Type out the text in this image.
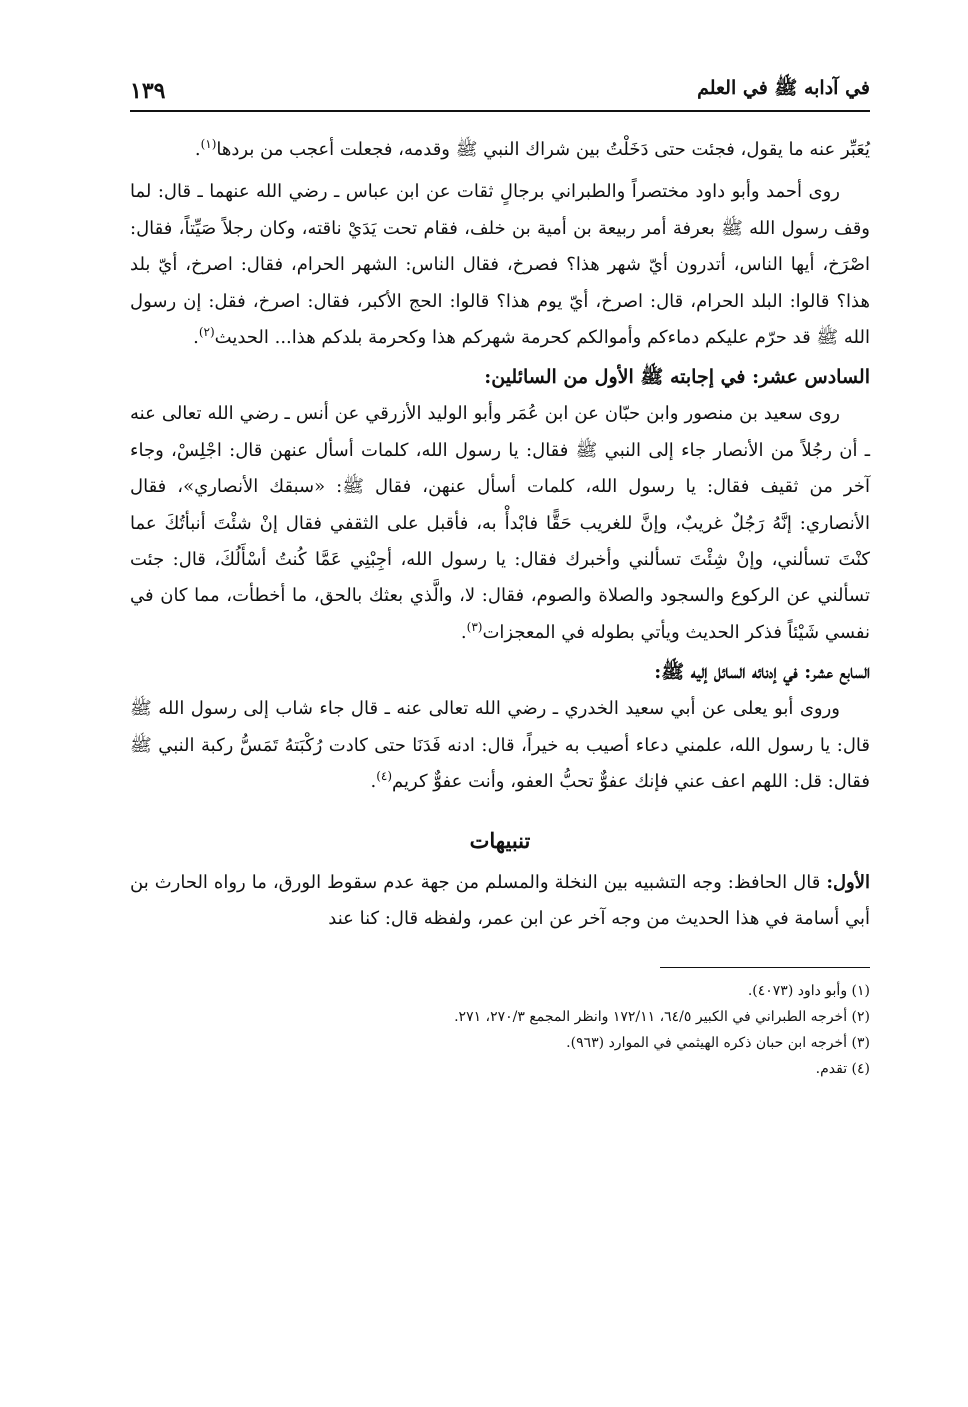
في آدابه ﷺ في العلم
١٣٩

يُعَبِّر عنه ما يقول، فجئت حتى دَخَلْتُ بين شراك النبي ﷺ وقدمه، فجعلت أعجب من بردها$^{(١)}$.

روى أحمد وأبو داود مختصراً والطبراني برجالٍ ثقات عن ابن عباس ـ رضي الله عنهما ـ قال: لما وقف رسول الله ﷺ بعرفة أمر ربيعة بن أمية بن خلف، فقام تحت يَدَيْ ناقته، وكان رجلاً صَيِّتاً، فقال: اصْرَخ، أيها الناس، أتدرون أيّ شهر هذا؟ فصرخ، فقال الناس: الشهر الحرام، فقال: اصرخ، أيّ بلد هذا؟ قالوا: البلد الحرام، قال: اصرخ، أيّ يوم هذا؟ قالوا: الحج الأكبر، فقال: اصرخ، فقل: إن رسول الله ﷺ قد حرّم عليكم دماءكم وأموالكم كحرمة شهركم هذا وكحرمة بلدكم هذا... الحديث$^{(٢)}$.

السادس عشر: في إجابته ﷺ الأول من السائلين:

روى سعيد بن منصور وابن حبّان عن ابن عُمَر وأبو الوليد الأزرقي عن أنس ـ رضي الله تعالى عنه ـ أن رجُلاً من الأنصار جاء إلى النبي ﷺ فقال: يا رسول الله، كلمات أسأل عنهن قال: اجْلِسْ، وجاء آخر من ثقيف فقال: يا رسول الله، كلمات أسأل عنهن، فقال ﷺ: «سبقك الأنصاري»، فقال الأنصاري: إنَّهُ رَجُلٌ غريبٌ، وإنَّ للغريب حَقًّا فابْدأْ به، فأقبل على الثقفي فقال إنْ شئْتَ أنبأتُكَ عما كنْتَ تسألني، وإنْ شِئْتَ تسألني وأخبرك فقال: يا رسول الله، أجِبْنِي عَمَّا كُنتُ أسْأَلُكَ، قال: جئت تسألني عن الركوع والسجود والصلاة والصوم، فقال: لا، والَّذي بعثك بالحق، ما أخطأت، مما كان في نفسي شَيْئاً فذكر الحديث ويأتي بطوله في المعجزات$^{(٣)}$.

السابع عشر: في إدنائه السائل إليه ﷺ:

وروى أبو يعلى عن أبي سعيد الخدري ـ رضي الله تعالى عنه ـ قال جاء شاب إلى رسول الله ﷺ قال: يا رسول الله، علمني دعاء أصيب به خيراً، قال: ادنه فَدَنَا حتى كادت رُكْبَتهُ تَمَسُّ ركبة النبي ﷺ فقال: قل: اللهم اعف عني فإنك عفوٌّ تحبُّ العفو، وأنت عفوٌّ كريم$^{(٤)}$.

تنبيهات

الأول: قال الحافظ: وجه التشبيه بين النخلة والمسلم من جهة عدم سقوط الورق، ما رواه الحارث بن أبي أسامة في هذا الحديث من وجه آخر عن ابن عمر، ولفظه قال: كنا عند

(١) وأبو داود (٤٠٧٣).

(٢) أخرجه الطبراني في الكبير ٦٤/٥، ١٧٢/١١ وانظر المجمع ٢٧٠/٣، ٢٧١.

(٣) أخرجه ابن حبان ذكره الهيثمي في الموارد (٩٦٣).

(٤) تقدم.
